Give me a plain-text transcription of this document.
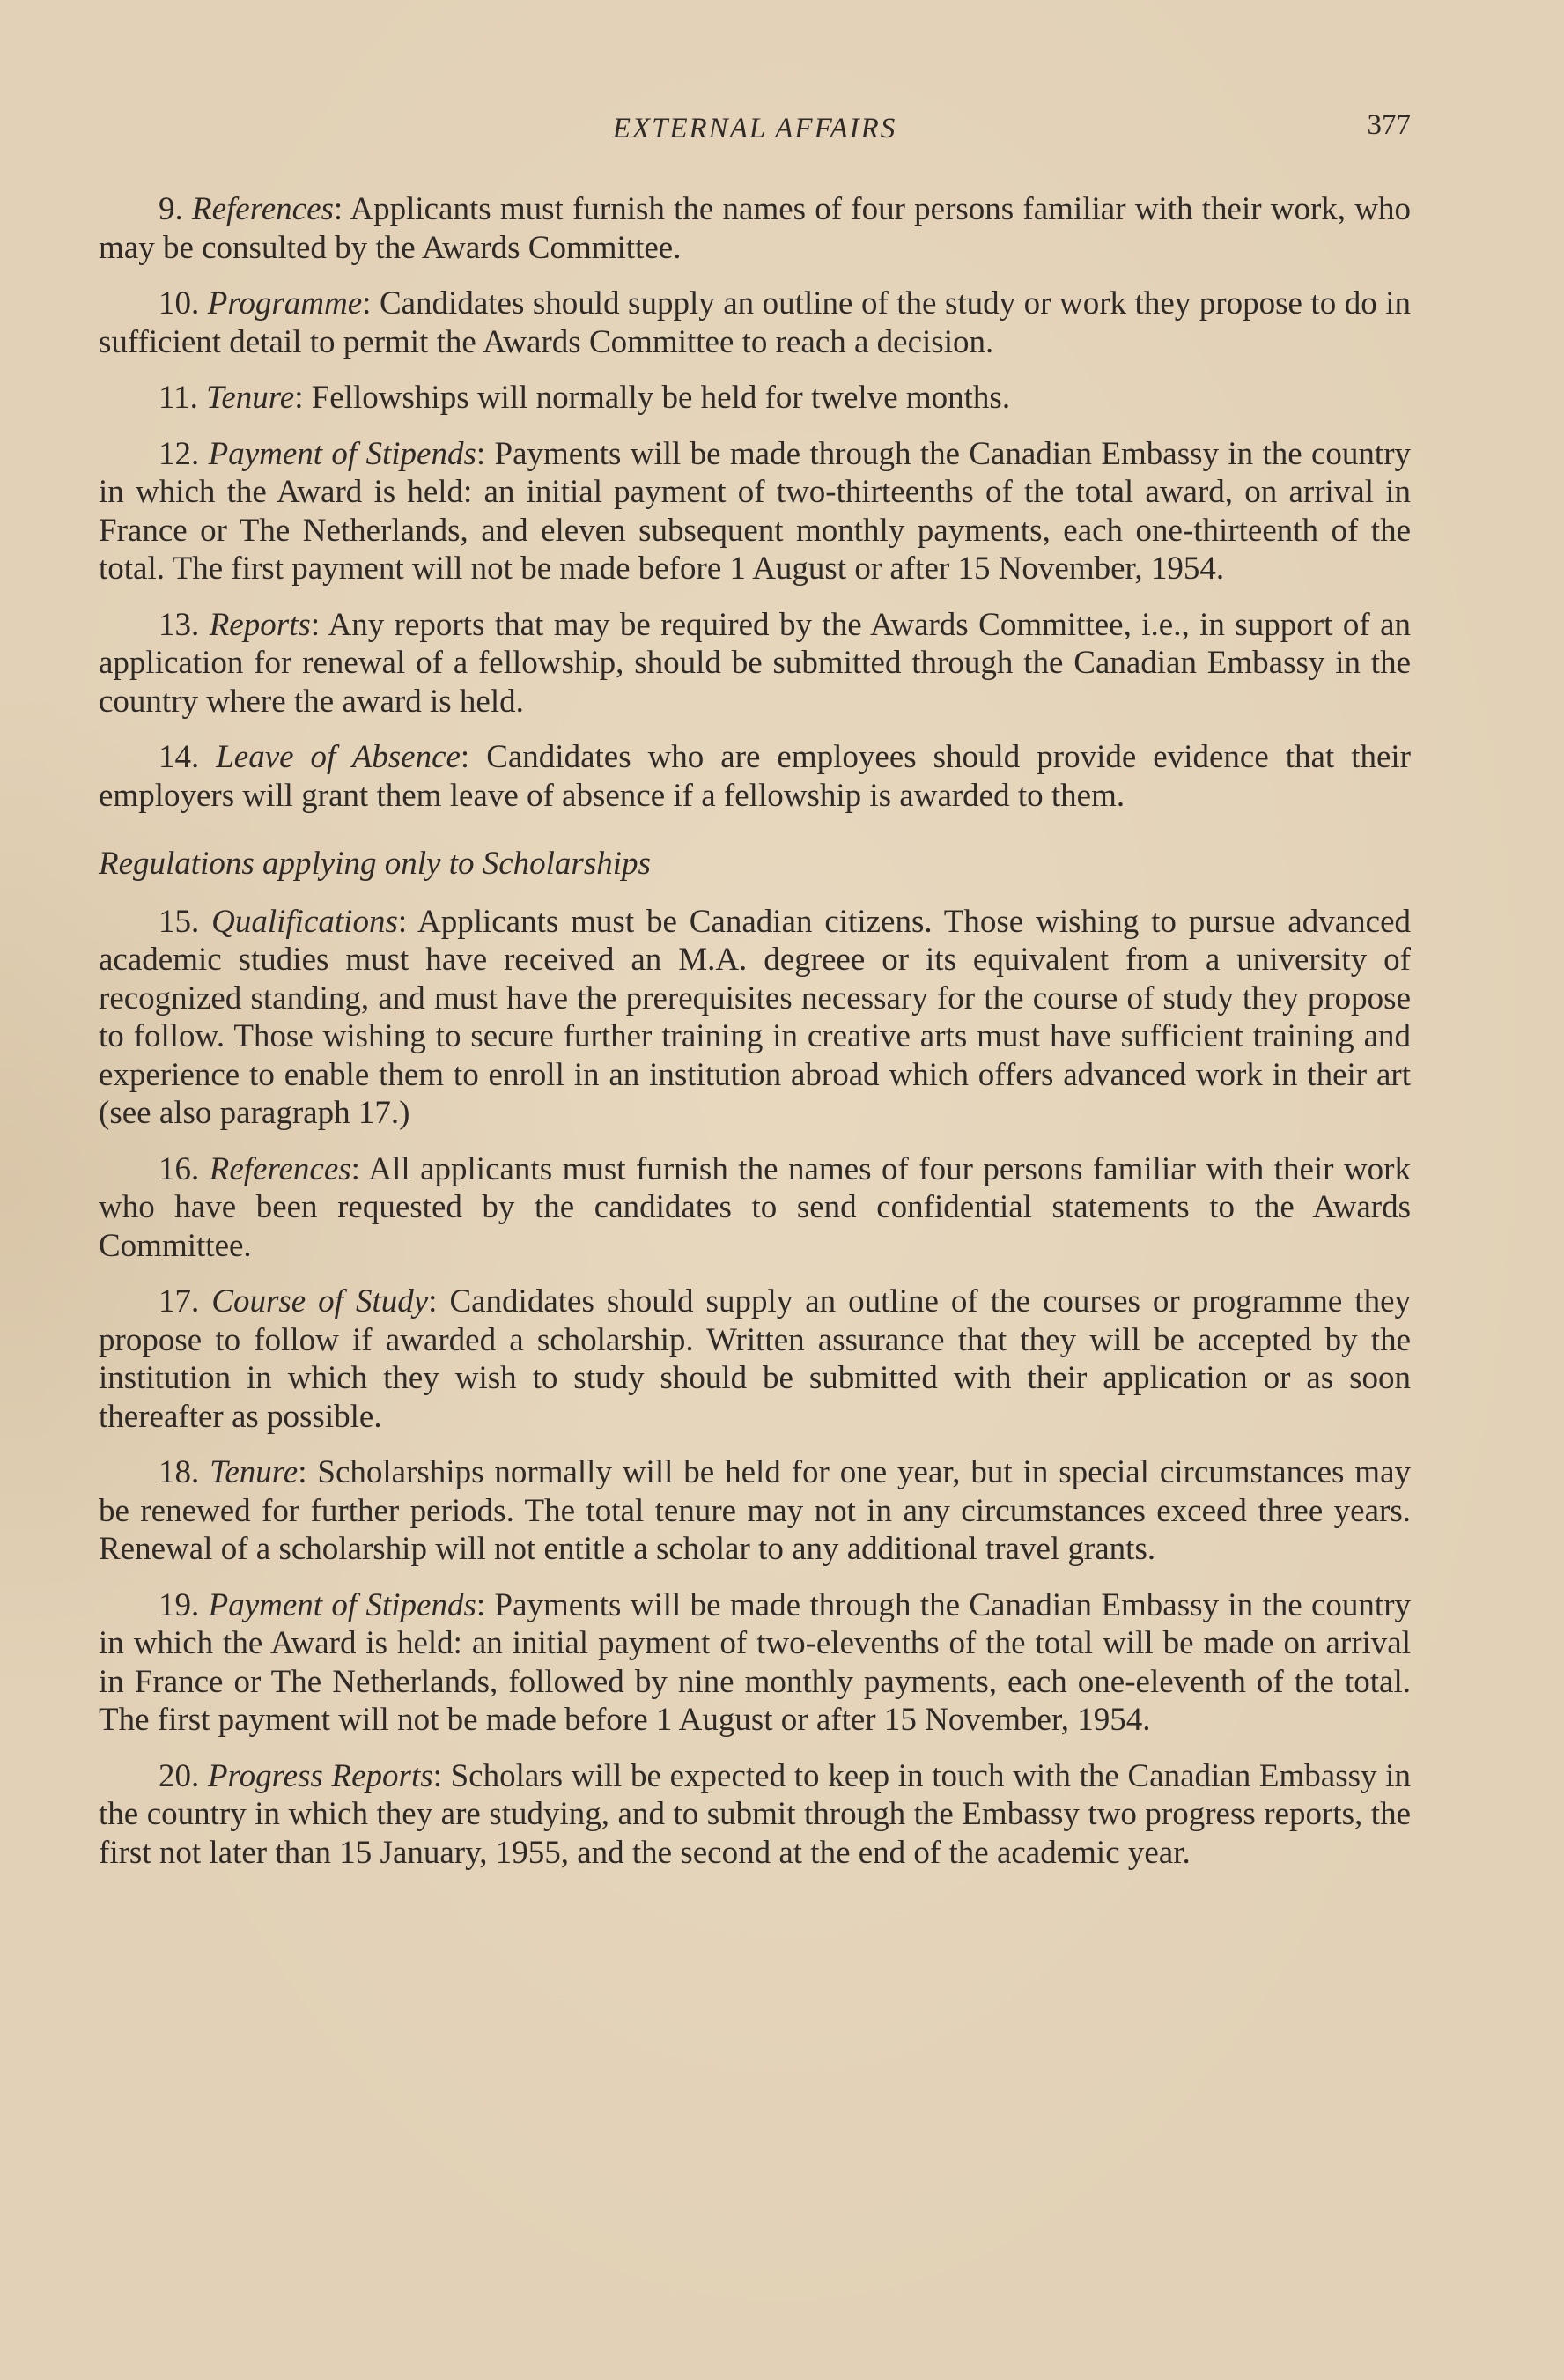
EXTERNAL AFFAIRS	377

9. References: Applicants must furnish the names of four persons familiar with their work, who may be consulted by the Awards Committee.

10. Programme: Candidates should supply an outline of the study or work they propose to do in sufficient detail to permit the Awards Committee to reach a decision.

11. Tenure: Fellowships will normally be held for twelve months.

12. Payment of Stipends: Payments will be made through the Canadian Embassy in the country in which the Award is held: an initial payment of two-thirteenths of the total award, on arrival in France or The Netherlands, and eleven subsequent monthly payments, each one-thirteenth of the total. The first payment will not be made before 1 August or after 15 November, 1954.

13. Reports: Any reports that may be required by the Awards Committee, i.e., in support of an application for renewal of a fellowship, should be submitted through the Canadian Embassy in the country where the award is held.

14. Leave of Absence: Candidates who are employees should provide evidence that their employers will grant them leave of absence if a fellowship is awarded to them.

Regulations applying only to Scholarships

15. Qualifications: Applicants must be Canadian citizens. Those wishing to pursue advanced academic studies must have received an M.A. degreee or its equivalent from a university of recognized standing, and must have the prerequisites necessary for the course of study they propose to follow. Those wishing to secure further training in creative arts must have sufficient training and experience to enable them to enroll in an institution abroad which offers advanced work in their art (see also paragraph 17.)

16. References: All applicants must furnish the names of four persons familiar with their work who have been requested by the candidates to send confidential statements to the Awards Committee.

17. Course of Study: Candidates should supply an outline of the courses or programme they propose to follow if awarded a scholarship. Written assurance that they will be accepted by the institution in which they wish to study should be submitted with their application or as soon thereafter as possible.

18. Tenure: Scholarships normally will be held for one year, but in special circumstances may be renewed for further periods. The total tenure may not in any circumstances exceed three years. Renewal of a scholarship will not entitle a scholar to any additional travel grants.

19. Payment of Stipends: Payments will be made through the Canadian Embassy in the country in which the Award is held: an initial payment of two-elevenths of the total will be made on arrival in France or The Netherlands, followed by nine monthly payments, each one-eleventh of the total. The first payment will not be made before 1 August or after 15 November, 1954.

20. Progress Reports: Scholars will be expected to keep in touch with the Canadian Embassy in the country in which they are studying, and to submit through the Embassy two progress reports, the first not later than 15 January, 1955, and the second at the end of the academic year.
